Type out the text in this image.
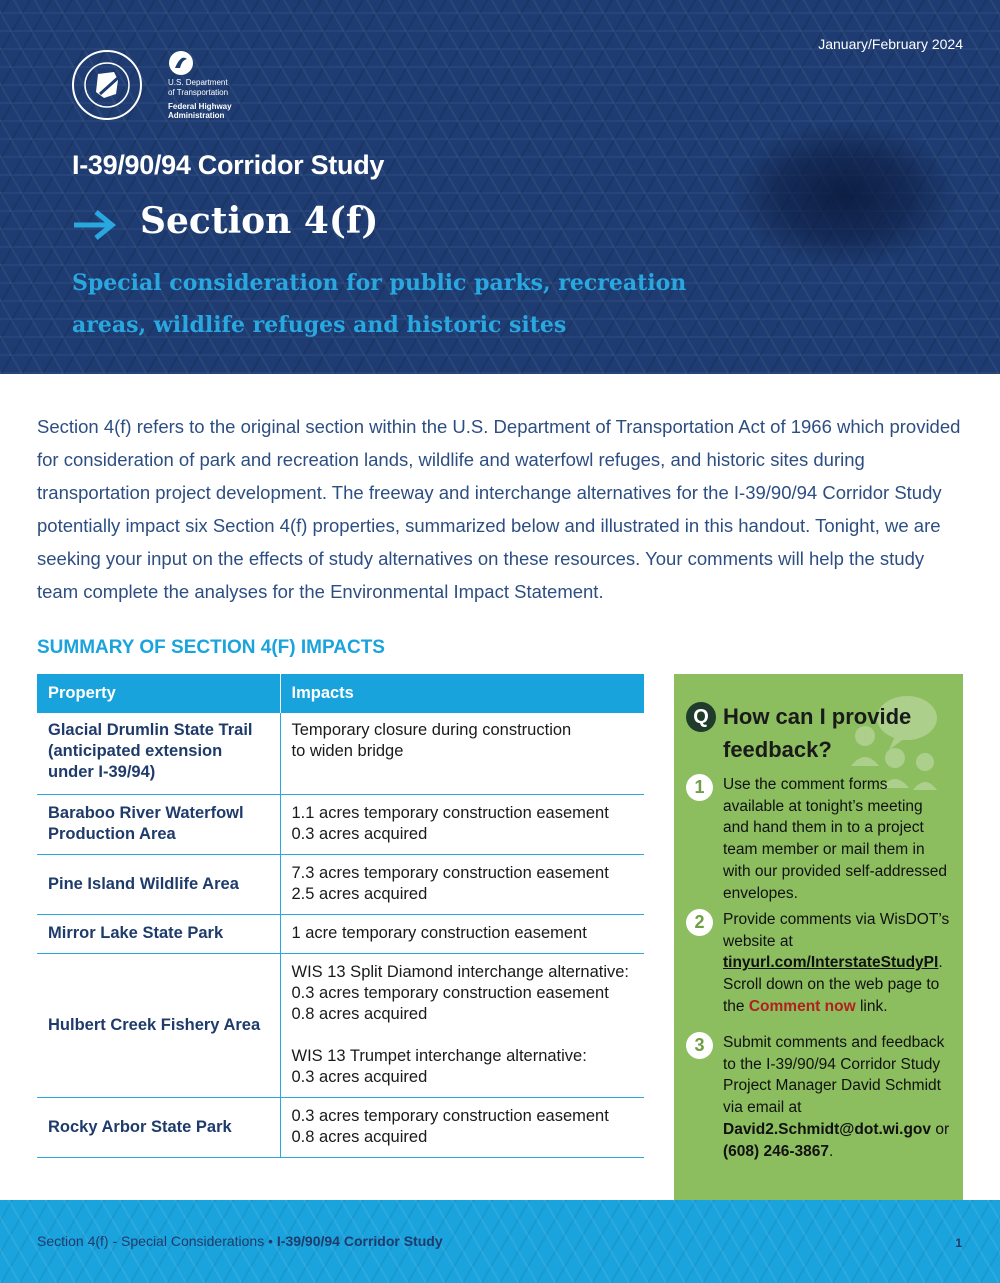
January/February 2024
U.S. Department
of Transportation
Federal Highway
Administration
I-39/90/94 Corridor Study
Section 4(f)
Special consideration for public parks, recreation areas, wildlife refuges and historic sites

Section 4(f) refers to the original section within the U.S. Department of Transportation Act of 1966 which provided for consideration of park and recreation lands, wildlife and waterfowl refuges, and historic sites during transportation project development. The freeway and interchange alternatives for the I-39/90/94 Corridor Study potentially impact six Section 4(f) properties, summarized below and illustrated in this handout. Tonight, we are seeking your input on the effects of study alternatives on these resources. Your comments will help the study team complete the analyses for the Environmental Impact Statement.

SUMMARY OF SECTION 4(F) IMPACTS
Property	Impacts
Glacial Drumlin State Trail (anticipated extension under I-39/94)	Temporary closure during construction
to widen bridge
Baraboo River Waterfowl Production Area	1.1 acres temporary construction easement
0.3 acres acquired
Pine Island Wildlife Area	7.3 acres temporary construction easement
2.5 acres acquired
Mirror Lake State Park	1 acre temporary construction easement
Hulbert Creek Fishery Area	WIS 13 Split Diamond interchange alternative:
0.3 acres temporary construction easement
0.8 acres acquired

WIS 13 Trumpet interchange alternative:
0.3 acres acquired
Rocky Arbor State Park	0.3 acres temporary construction easement
0.8 acres acquired
Q How can I provide feedback?
1	Use the comment forms available at tonight’s meeting and hand them in to a project team member or mail them in with our provided self-addressed envelopes.
2	Provide comments via WisDOT’s website at tinyurl.com/InterstateStudyPI. Scroll down on the web page to the Comment now link.
3	Submit comments and feedback to the I-39/90/94 Corridor Study Project Manager David Schmidt via email at David2.Schmidt@dot.wi.gov or (608) 246-3867.
Section 4(f) - Special Considerations • I-39/90/94 Corridor Study	1
